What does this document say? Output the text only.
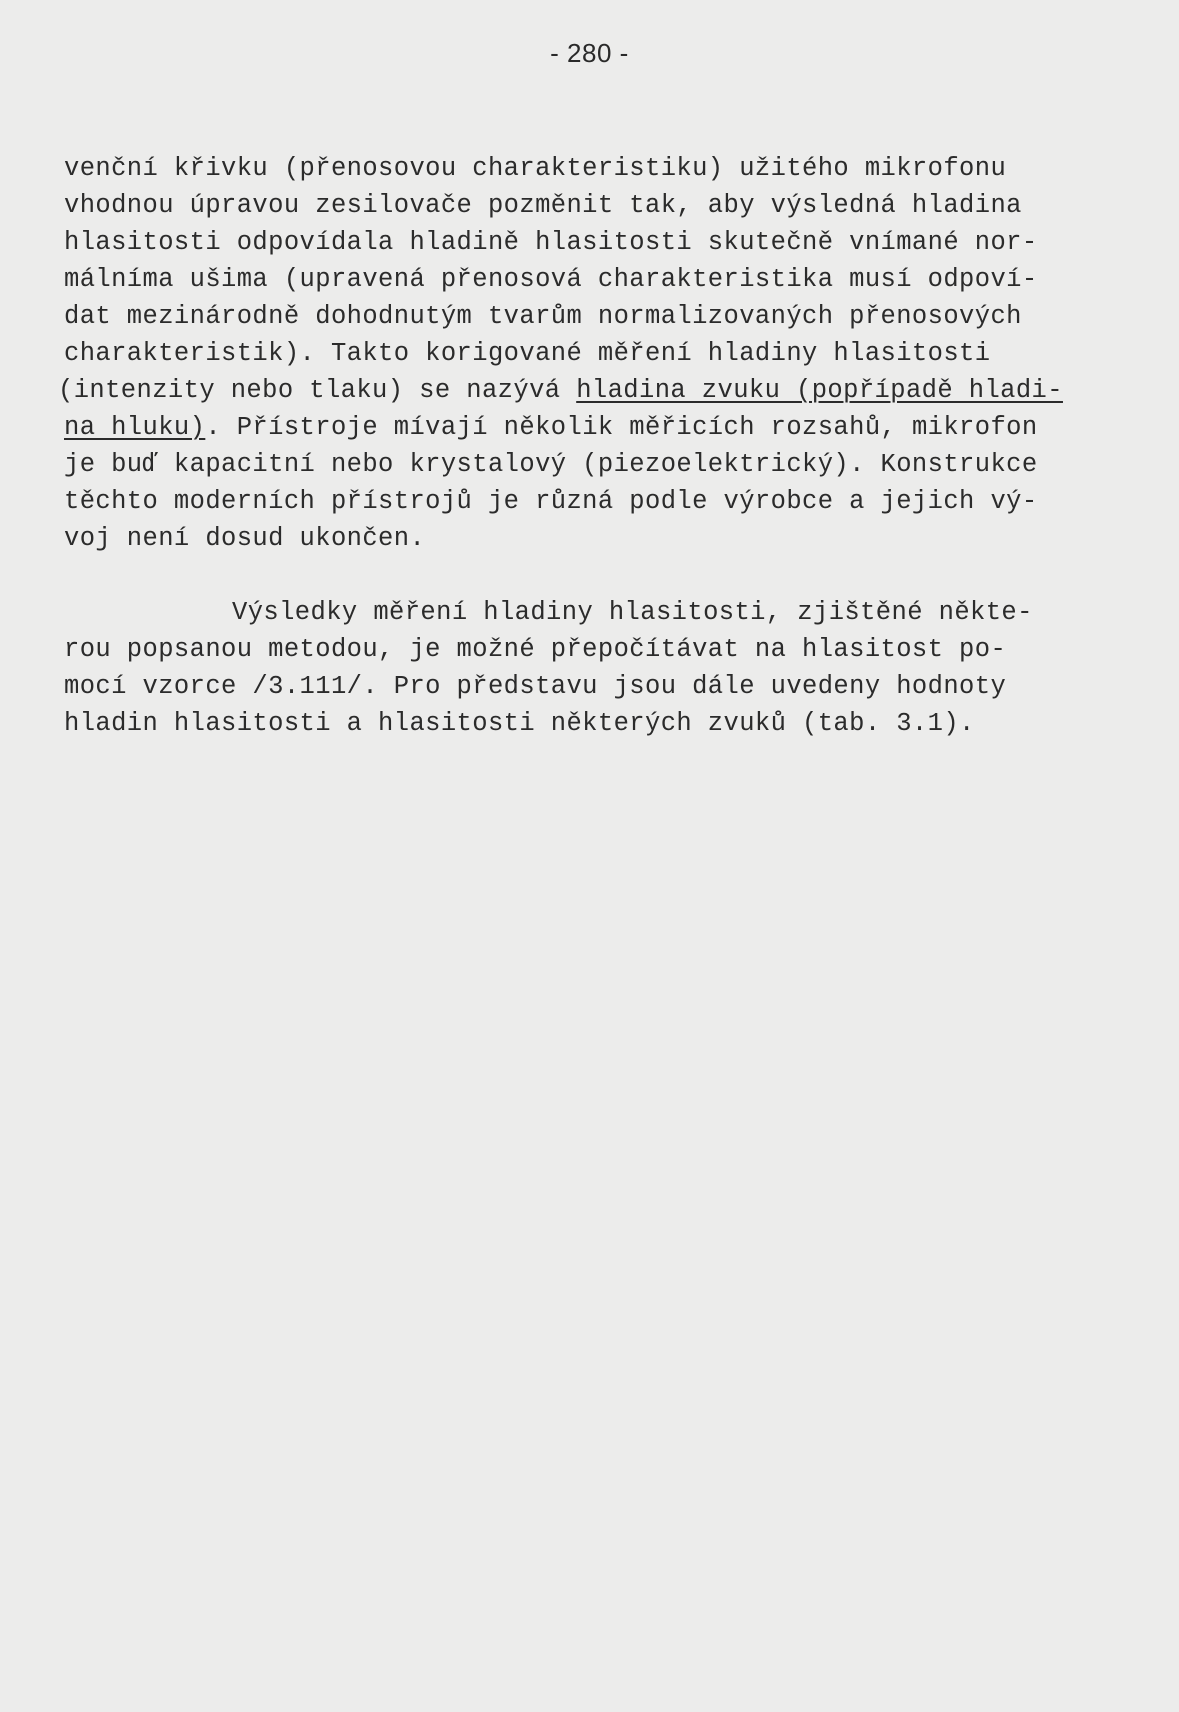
- 280 -
venční křivku (přenosovou charakteristiku) užitého mikrofonu
vhodnou úpravou zesilovače pozměnit tak, aby výsledná hladina
hlasitosti odpovídala hladině hlasitosti skutečně vnímané nor-
málníma ušima (upravená přenosová charakteristika musí odpoví-
dat mezinárodně dohodnutým tvarům normalizovaných přenosových
charakteristik). Takto korigované měření hladiny hlasitosti
(intenzity nebo tlaku) se nazývá hladina zvuku (popřípadě hladi-
na hluku). Přístroje mívají několik měřicích rozsahů, mikrofon
je buď kapacitní nebo krystalový (piezoelektrický). Konstrukce
těchto moderních přístrojů je různá podle výrobce a jejich vý-
voj není dosud ukončen.
Výsledky měření hladiny hlasitosti, zjištěné někte-
rou popsanou metodou, je možné přepočítávat na hlasitost po-
mocí vzorce /3.111/. Pro představu jsou dále uvedeny hodnoty
hladin hlasitosti a hlasitosti některých zvuků (tab. 3.1).
